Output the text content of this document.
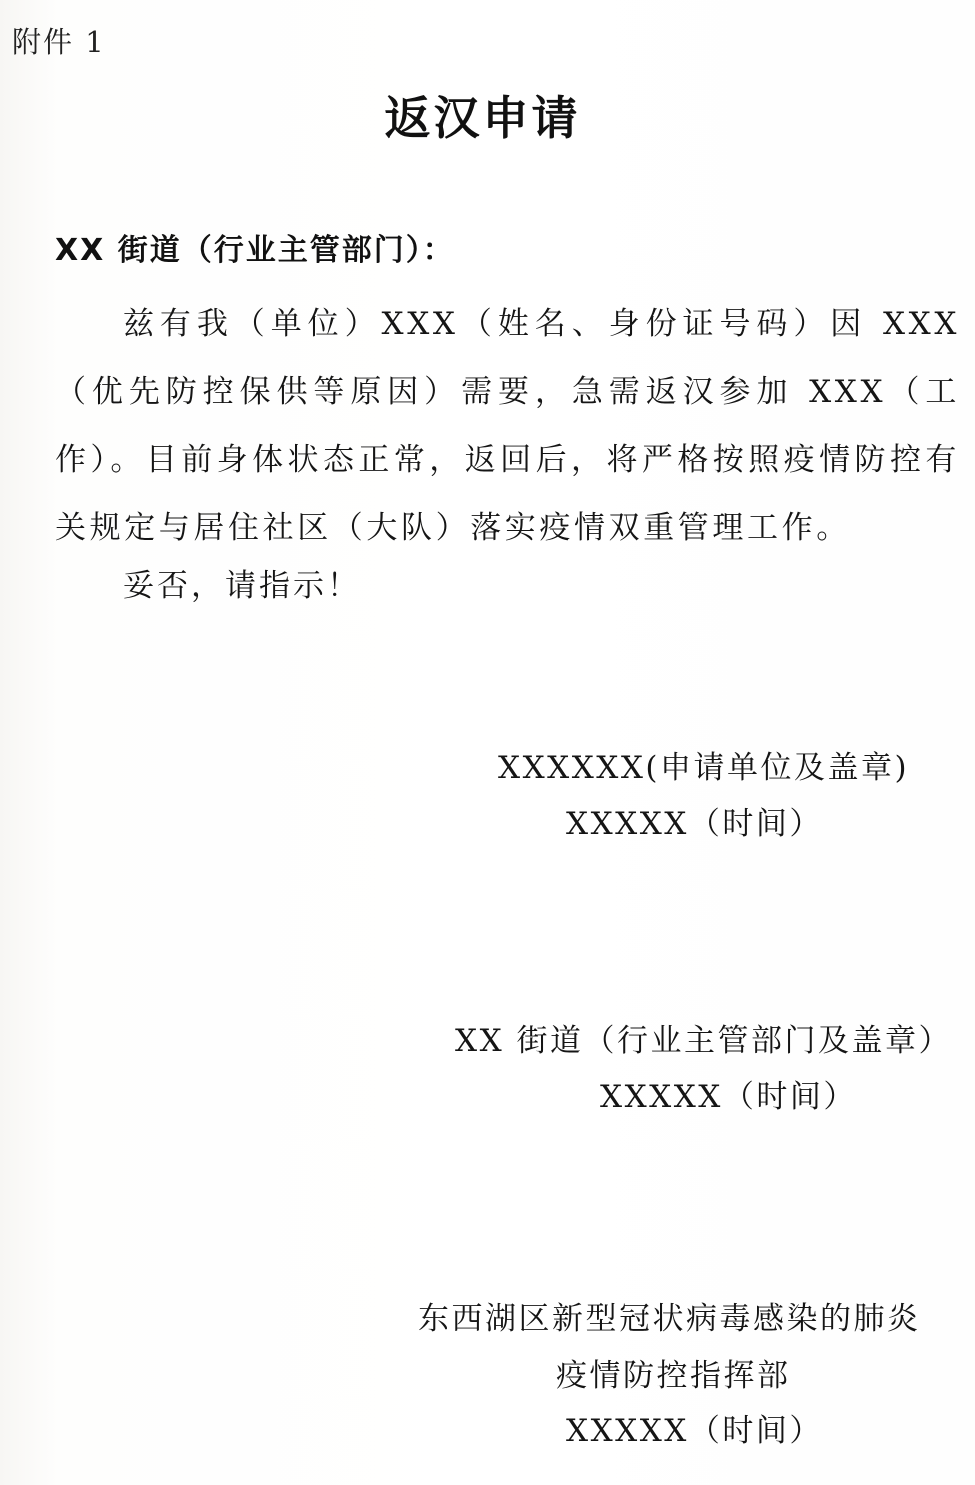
附件 1
返汉申请
XX 街道（行业主管部门）：

兹有我（单位）XXX（姓名、身份证号码）因 XXX（优先防控保供等原因）需要，急需返汉参加 XXX（工作）。目前身体状态正常，返回后，将严格按照疫情防控有关规定与居住社区（大队）落实疫情双重管理工作。

妥否，请指示！
XXXXXX(申请单位及盖章)
XXXXX（时间）
XX 街道（行业主管部门及盖章）
XXXXX（时间）
东西湖区新型冠状病毒感染的肺炎
疫情防控指挥部
XXXXX（时间）
